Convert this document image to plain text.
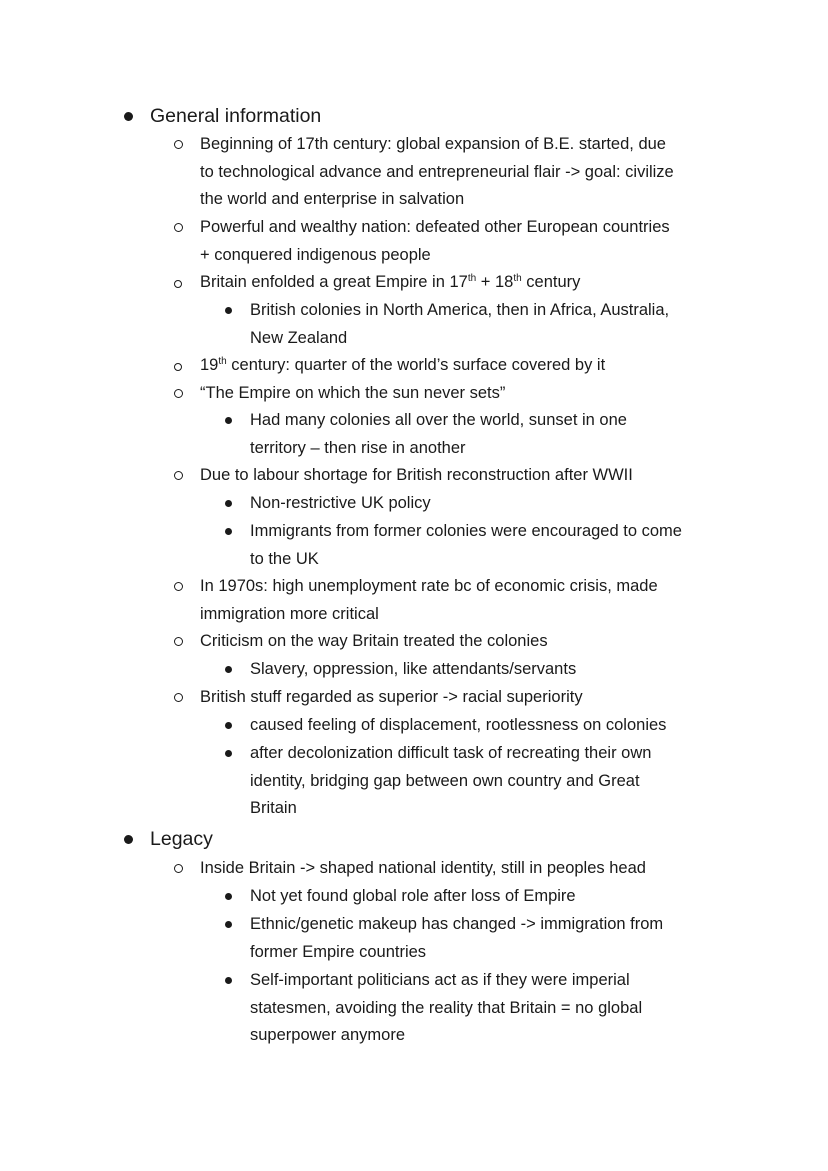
General information
Beginning of 17th century: global expansion of B.E. started, due
to technological advance and entrepreneurial flair -> goal: civilize
the world and enterprise in salvation
Powerful and wealthy nation: defeated other European countries
+ conquered indigenous people
Britain enfolded a great Empire in 17th + 18th century
British colonies in North America, then in Africa, Australia,
New Zealand
19th century: quarter of the world’s surface covered by it
“The Empire on which the sun never sets”
Had many colonies all over the world, sunset in one
territory – then rise in another
Due to labour shortage for British reconstruction after WWII
Non-restrictive UK policy
Immigrants from former colonies were encouraged to come
to the UK
In 1970s: high unemployment rate bc of economic crisis, made
immigration more critical
Criticism on the way Britain treated the colonies
Slavery, oppression, like attendants/servants
British stuff regarded as superior -> racial superiority
caused feeling of displacement, rootlessness on colonies
after decolonization difficult task of recreating their own
identity, bridging gap between own country and Great
Britain
Legacy
Inside Britain -> shaped national identity, still in peoples head
Not yet found global role after loss of Empire
Ethnic/genetic makeup has changed -> immigration from
former Empire countries
Self-important politicians act as if they were imperial
statesmen, avoiding the reality that Britain = no global
superpower anymore
